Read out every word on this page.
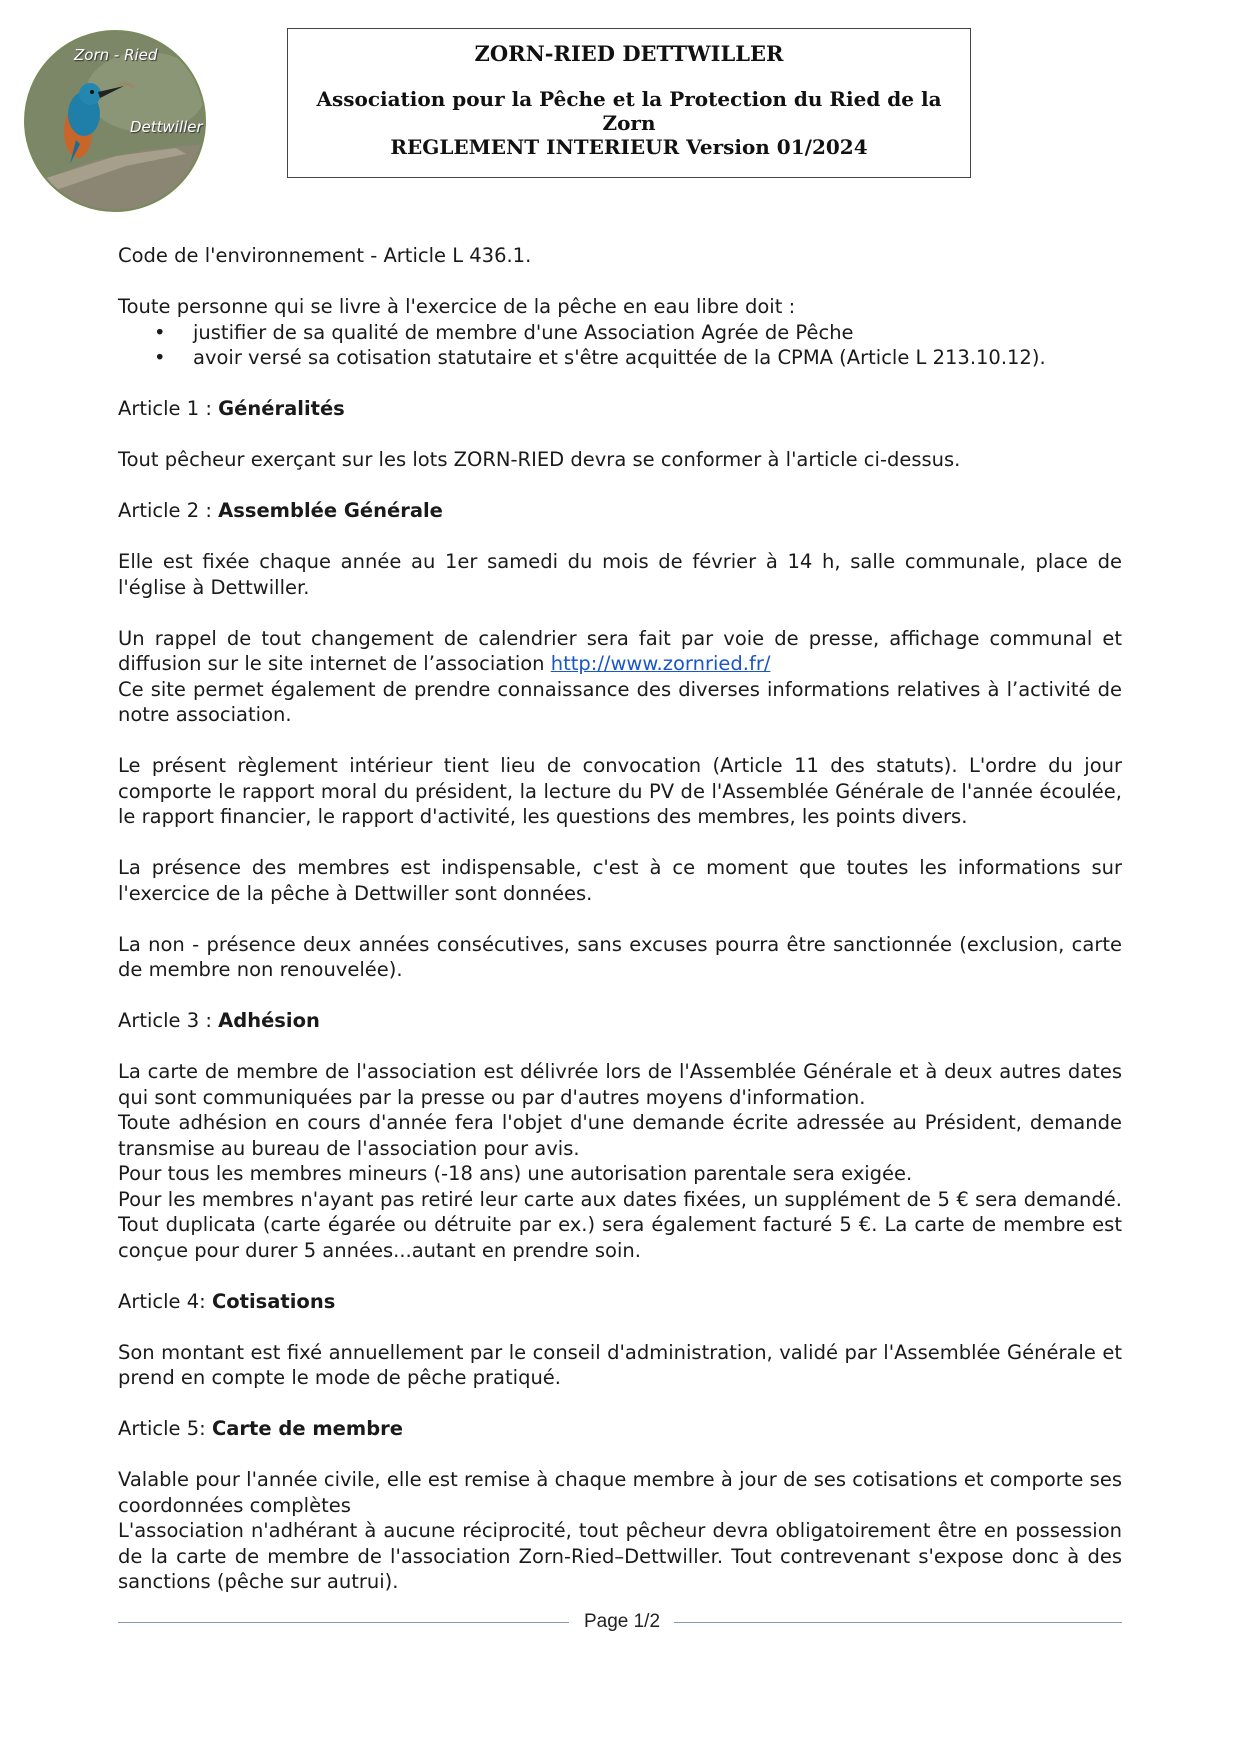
Zorn - Ried
Dettwiller
ZORN-RIED DETTWILLER
Association pour la Pêche et la Protection du Ried de la Zorn
REGLEMENT INTERIEUR Version 01/2024

Code de l'environnement - Article L 436.1.

Toute personne qui se livre à l'exercice de la pêche en eau libre doit :

• justifier de sa qualité de membre d'une Association Agrée de Pêche
• avoir versé sa cotisation statutaire et s'être acquittée de la CPMA (Article L 213.10.12).
Article 1 : Généralités

Tout pêcheur exerçant sur les lots ZORN-RIED devra se conformer à l'article ci-dessus.

Article 2 : Assemblée Générale

Elle est fixée chaque année au 1er samedi du mois de février à 14 h, salle communale, place de l'église à Dettwiller.

Un rappel de tout changement de calendrier sera fait par voie de presse, affichage communal et diffusion sur le site internet de l’association http://www.zornried.fr/
Ce site permet également de prendre connaissance des diverses informations relatives à l’activité de notre association.

Le présent règlement intérieur tient lieu de convocation (Article 11 des statuts). L'ordre du jour comporte le rapport moral du président, la lecture du PV de l'Assemblée Générale de l'année écoulée, le rapport financier, le rapport d'activité, les questions des membres, les points divers.

La présence des membres est indispensable, c'est à ce moment que toutes les informations sur l'exercice de la pêche à Dettwiller sont données.

La non - présence deux années consécutives, sans excuses pourra être sanctionnée (exclusion, carte de membre non renouvelée).

Article 3 : Adhésion

La carte de membre de l'association est délivrée lors de l'Assemblée Générale et à deux autres dates qui sont communiquées par la presse ou par d'autres moyens d'information.

Toute adhésion en cours d'année fera l'objet d'une demande écrite adressée au Président, demande transmise au bureau de l'association pour avis.

Pour tous les membres mineurs (-18 ans) une autorisation parentale sera exigée.

Pour les membres n'ayant pas retiré leur carte aux dates fixées, un supplément de 5 € sera demandé. Tout duplicata (carte égarée ou détruite par ex.) sera également facturé 5 €. La carte de membre est conçue pour durer 5 années...autant en prendre soin.

Article 4: Cotisations

Son montant est fixé annuellement par le conseil d'administration, validé par l'Assemblée Générale et prend en compte le mode de pêche pratiqué.

Article 5: Carte de membre

Valable pour l'année civile, elle est remise à chaque membre à jour de ses cotisations et comporte ses coordonnées complètes

L'association n'adhérant à aucune réciprocité, tout pêcheur devra obligatoirement être en possession de la carte de membre de l'association Zorn-Ried–Dettwiller. Tout contrevenant s'expose donc à des sanctions (pêche sur autrui).

Page 1/2
